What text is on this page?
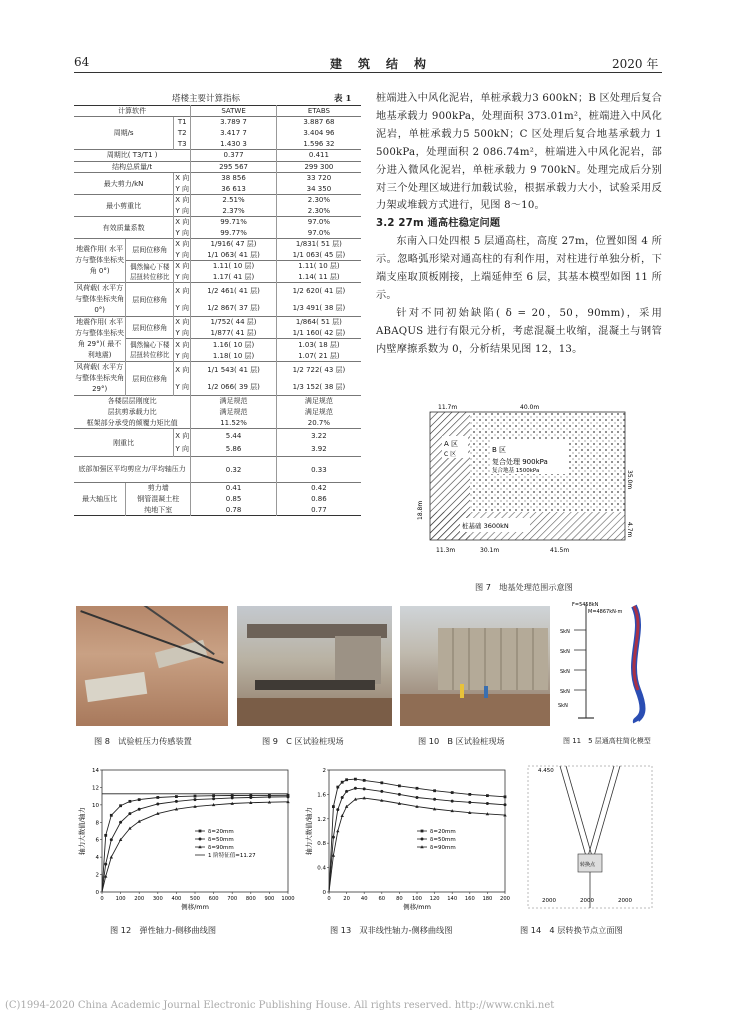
64	建　筑　结　构	2020 年
塔楼主要计算指标	表 1
计算软件			SATWE	ETABS
周期/s		T1	3.789 7	3.887 68
		T2	3.417 7	3.404 96
		T3	1.430 3	1.596 32
周期比( T3/T1 )			0.377	0.411
结构总质量/t			295 567	299 300
最大剪力/kN		X 向	38 856	33 720
		Y 向	36 613	34 350
最小剪重比		X 向	2.51%	2.30%
		Y 向	2.37%	2.30%
有效质量系数		X 向	99.71%	97.0%
		Y 向	99.77%	97.0%
地震作用( 水平方与整体坐标夹角 0°)	层间位移角	X 向	1/916( 47 层)	1/831( 51 层)
		Y 向	1/1 063( 41 层)	1/1 063( 45 层)
	偶然偏心下楼层扭转位移比	X 向	1.11( 10 层)	1.11( 10 层)
		Y 向	1.17( 41 层)	1.14( 11 层)
风荷载( 水平方与整体坐标夹角 0°)	层间位移角	X 向	1/2 461( 41 层)	1/2 620( 41 层)
		Y 向	1/2 867( 37 层)	1/3 491( 38 层)
地震作用( 水平方与整体坐标夹角 29°)( 最不利地震)	层间位移角	X 向	1/752( 44 层)	1/864( 51 层)
		Y 向	1/877( 41 层)	1/1 160( 42 层)
	偶然偏心下楼层扭转位移比	X 向	1.16( 10 层)	1.03( 18 层)
		Y 向	1.18( 10 层)	1.07( 21 层)
风荷载( 水平方与整体坐标夹角 29°)	层间位移角	X 向	1/1 543( 41 层)	1/2 722( 43 层)
		Y 向	1/2 066( 39 层)	1/3 152( 38 层)
各楼层层刚度比			满足规范	满足规范
层抗剪承载力比			满足规范	满足规范
框架部分承受的倾覆力矩比值			11.52%	20.7%
刚重比		X 向	5.44	3.22
		Y 向	5.86	3.92
底部加强区平均剪应力/平均轴压力			0.32	0.33
最大轴压比	剪力墙		0.41	0.42
	钢管混凝土柱		0.85	0.86
	纯地下室		0.78	0.77

桩端进入中风化泥岩，单桩承载力3 600kN；B 区处理后复合地基承载力 900kPa，处理面积 373.01m²，桩端进入中风化泥岩，单桩承载力5 500kN；C 区处理后复合地基承载力 1 500kPa，处理面积 2 086.74m²，桩端进入中风化泥岩，部分进入微风化泥岩，单桩承载力 9 700kN。处理完成后分别对三个处理区域进行加载试验，根据承载力大小，试验采用反力架或堆载方式进行，见图 8～10。

3.2 27m 通高柱稳定问题

东南入口处四根 5 层通高柱，高度 27m，位置如图 4 所示。忽略弧形梁对通高柱的有利作用，对柱进行单独分析，下端支座取顶板刚接，上端延伸至 6 层，其基本模型如图 11 所示。

针对不同初始缺陷( δ = 20，50，90mm)，采用 ABAQUS 进行有限元分析，考虑混凝土收缩，混凝土与钢管内壁摩擦系数为 0，分析结果见图 12，13。

A 区
B 区
复合处理 900kPa
C 区
桩基础 3600kN
复合地基 1500kPa
11.7m	40.0m
35.0m
4.7m
11.3m	30.1m	41.5m
18.8m
图 7　地基处理范围示意图
SkN
SkN
SkN
SkN
SkN
F=5458kN
M=4867kN·m
图 8　试验桩压力传感装置	图 9　C 区试验桩现场	图 10　B 区试验桩现场	图 11　5 层通高柱简化模型
0 100 200 300 400 500 600 700 800 900 1000
0
2
4
6
8
10
12
14
侧移/mm
轴力大数值/轴力	δ=20mm
δ=50mm
δ=90mm
1 阶特征值=11.27
图 12　弹性轴力-侧移曲线图
0 20 40 60 80 100 120 140 160 180 200
0
0.4
0.8
1.2
1.6
2
侧移/mm
轴力大数值/轴力	δ=20mm
δ=50mm
δ=90mm
图 13　双非线性轴力-侧移曲线图
4.450
2000	2000	2000
转换点
图 14　4 层转换节点立面图
(C)1994-2020 China Academic Journal Electronic Publishing House. All rights reserved. http://www.cnki.net
